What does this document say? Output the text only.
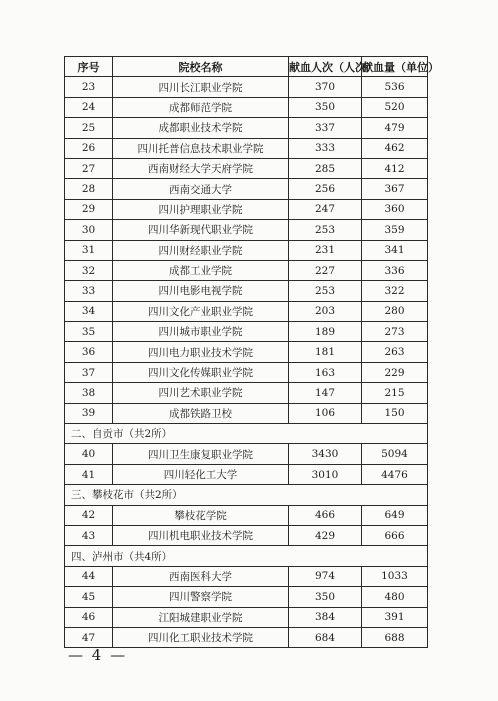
序号	院校名称	献血人次（人次）	献血量（单位）
23	四川长江职业学院	370	536
24	成都师范学院	350	520
25	成都职业技术学院	337	479
26	四川托普信息技术职业学院	333	462
27	西南财经大学天府学院	285	412
28	西南交通大学	256	367
29	四川护理职业学院	247	360
30	四川华新现代职业学院	253	359
31	四川财经职业学院	231	341
32	成都工业学院	227	336
33	四川电影电视学院	253	322
34	四川文化产业职业学院	203	280
35	四川城市职业学院	189	273
36	四川电力职业技术学院	181	263
37	四川文化传媒职业学院	163	229
38	四川艺术职业学院	147	215
39	成都铁路卫校	106	150
二、自贡市（共2所）			
40	四川卫生康复职业学院	3430	5094
41	四川轻化工大学	3010	4476
三、攀枝花市（共2所）			
42	攀枝花学院	466	649
43	四川机电职业技术学院	429	666
四、泸州市（共4所）			
44	西南医科大学	974	1033
45	四川警察学院	350	480
46	江阳城建职业学院	384	391
47	四川化工职业技术学院	684	688
— 4 —
